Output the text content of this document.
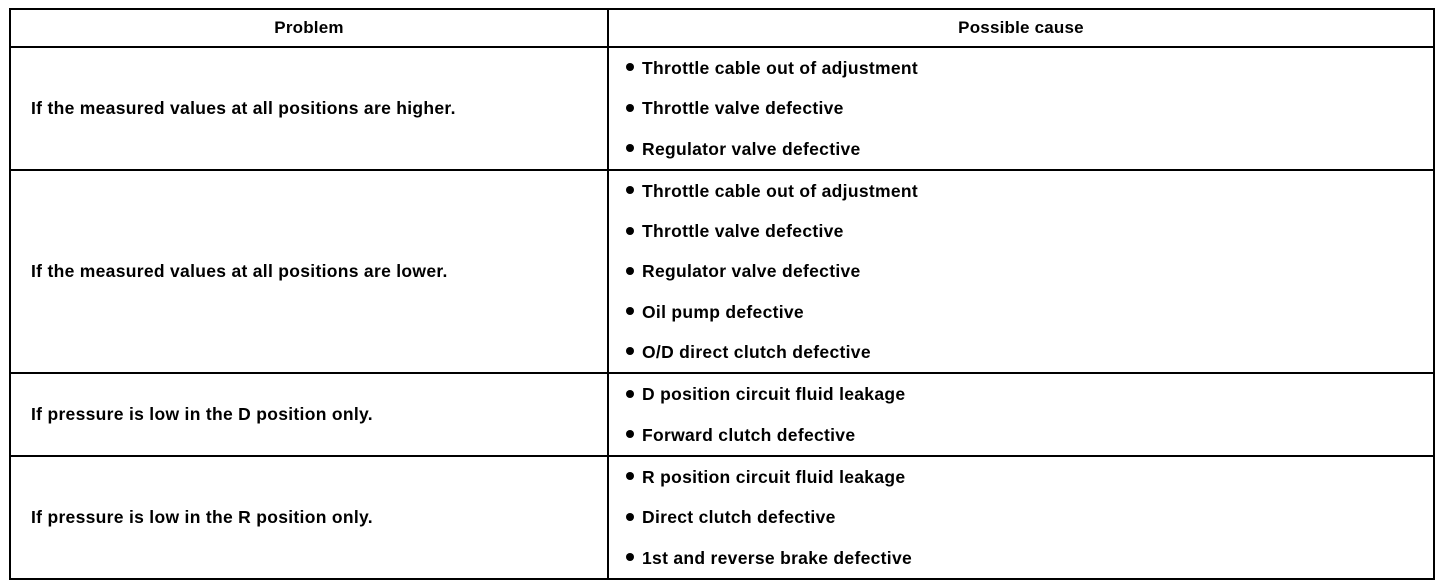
Problem	Possible cause
If the measured values at all positions are higher.	Throttle cable out of adjustment
Throttle valve defective
Regulator valve defective

If the measured values at all positions are lower.	Throttle cable out of adjustment
Throttle valve defective
Regulator valve defective
Oil pump defective
O/D direct clutch defective

If pressure is low in the D position only.	D position circuit fluid leakage
Forward clutch defective

If pressure is low in the R position only.	R position circuit fluid leakage
Direct clutch defective
1st and reverse brake defective
